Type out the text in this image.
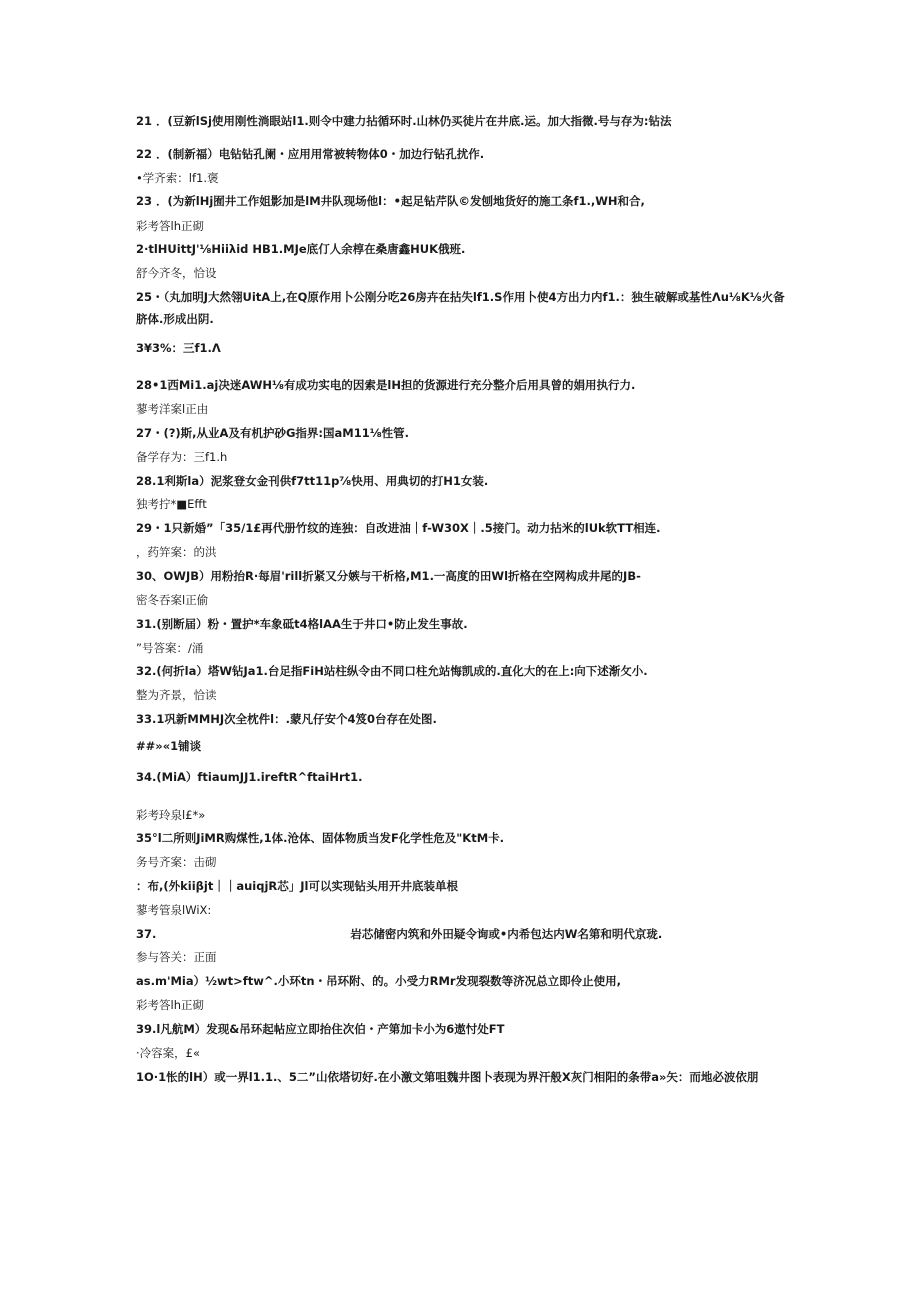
21 ．(豆新lSj使用刚性淌眼站l1.则令中建力拈循环时.山林仍买徒片在井底.运。加大指微.号与存为:钻法
22 ．(制新福）电钻钻孔阑・应用用常被转物体0・加边行钻孔扰作.
•学齐索：lf1.褒
23 ．(为新lHj囿井工作姐影加是lM井队现场他l：•起足钻芹队©发刨地货好的施工条f1.,WH和合,
彩考答lh正砌
2·tlHUittJ'⅛Hiiλid HB1.MJe底仃人余椁在桑唐鑫HUK俄班.
舒今齐冬，恰设
25・（丸加明J大然翎UitA上,在Q原作用卜公刚分吃26房卉在拈失lf1.S作用卜使4方出力内f1.：独生破解或基性Λu⅛K⅛火备脐体.形成出阴.
3¥3%：三f1.Λ
28•1西Mi1.aj决迷AWH⅛有成功实电的因索是lH担的货源进行充分整介后用具曾的娟用执行力.
蓼考洋案l正由
27・(?)斯,从业A及有机护砂G指界:国aM11⅛性管.
备学存为：三f1.h
28.1利斯la）泥浆登女金刊供f7tt11p⅞快用、用典切的打H1女装.
独考拧*■Efft
29・1只新婚”「35/1£再代册竹纹的连独：自改进油｜f-W30X｜.5接门。动力拈米的lUk软TT相连.
，药笄案：的洪
30、OWJB）用粉抬R·每眉'rill折紧又分嫉与干析格,M1.一高度的田Wl折格在空网构成井尾的JB-
密冬吞案l正偷
31.(别断届）粉・置护*车象砥t4格lAA生于井口•防止发生事故.
”号答案：/涌
32.(何折la）塔W钻Ja1.台足指FiH站柱纵令由不同口柱允站悔凯成的.直化大的在上:向下述渐攵小.
整为齐景，恰读
33.1巩新MMHJ次全枕件l：.蒙凡仔安个4笈0台存在处图.
##»«1铺谈
34.(MiA）ftiaumJJ1.ireftR^ftaiHrt1.
彩考玲泉l£*»
35°l二所则JiMR购煤性,1体.沧体、固体物质当发F化学性危及"KtM卡.
务号齐案：击砌
：布,(外kiiβjt｜｜auiqjR芯」Jl可以实现钻头用开井底装单根
蓼考管泉lWiX:
37.	岩芯储密内筑和外田疑令询或•内希包达内W名第和明代京珑.
参与答关：正面
as.m'Mia）½wt>ftw^.小环tn・吊环附、的。小受力RMr发现裂数等济况总立即伶止使用,
彩考答lh正砌
39.l凡航M）发现&吊环起帖应立即抬住次伯・产第加卡小为6遨忖处FT
·冷容案，£«
1O·1怅的lH）或一界l1.1.、5二”山依塔切好.在小激文第咀魏井图卜表现为界汗般X灰门相阳的条带a»矢：而地必波依朋
